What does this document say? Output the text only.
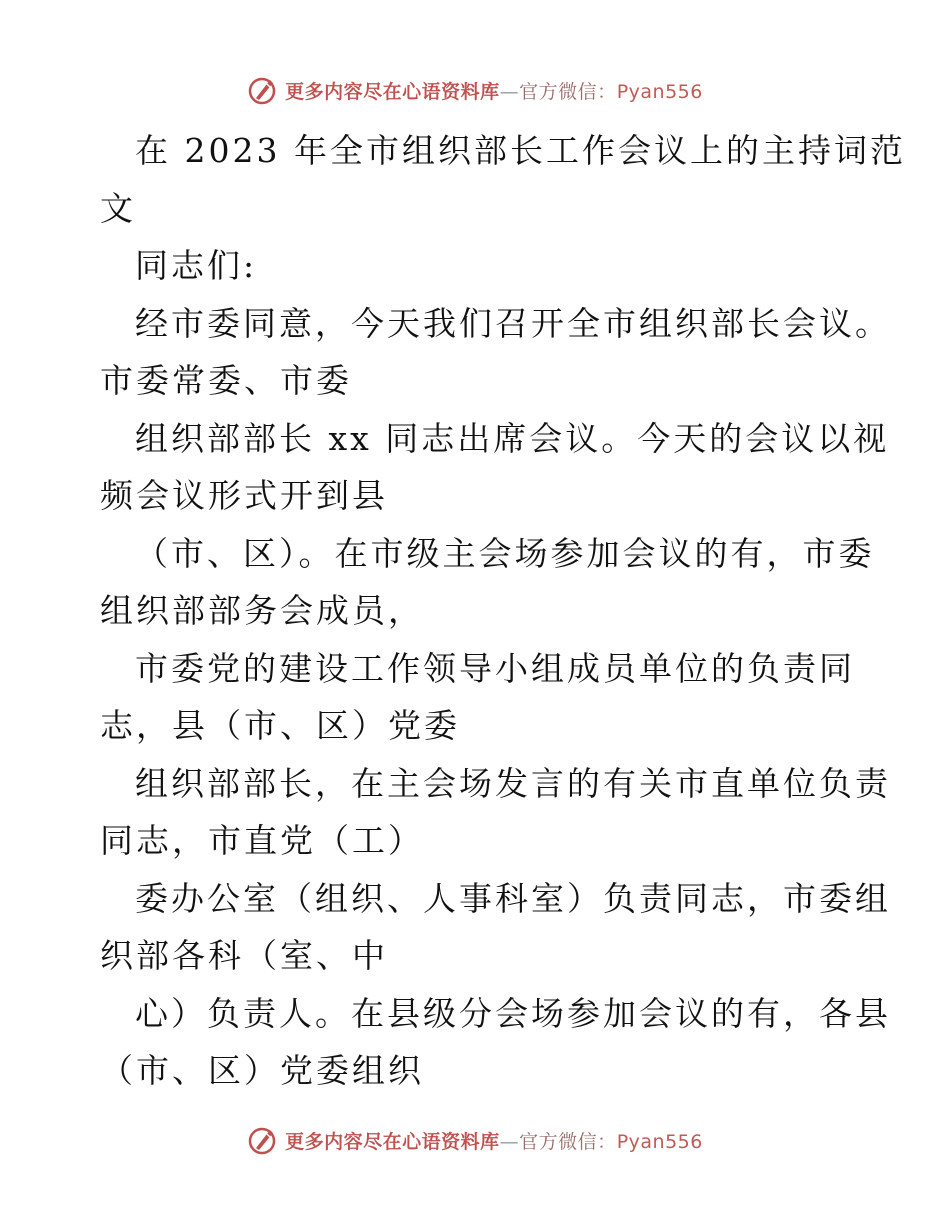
更多内容尽在心语资料库—官方微信：Pyan556
在 2023 年全市组织部长工作会议上的主持词范
文
同志们:
经市委同意，今天我们召开全市组织部长会议。
市委常委、市委
组织部部长 xx 同志出席会议。今天的会议以视
频会议形式开到县
（市、区）。在市级主会场参加会议的有，市委
组织部部务会成员，
市委党的建设工作领导小组成员单位的负责同
志，县（市、区）党委
组织部部长，在主会场发言的有关市直单位负责
同志，市直党（工）
委办公室（组织、人事科室）负责同志，市委组
织部各科（室、中
心）负责人。在县级分会场参加会议的有，各县
（市、区）党委组织
更多内容尽在心语资料库—官方微信：Pyan556
